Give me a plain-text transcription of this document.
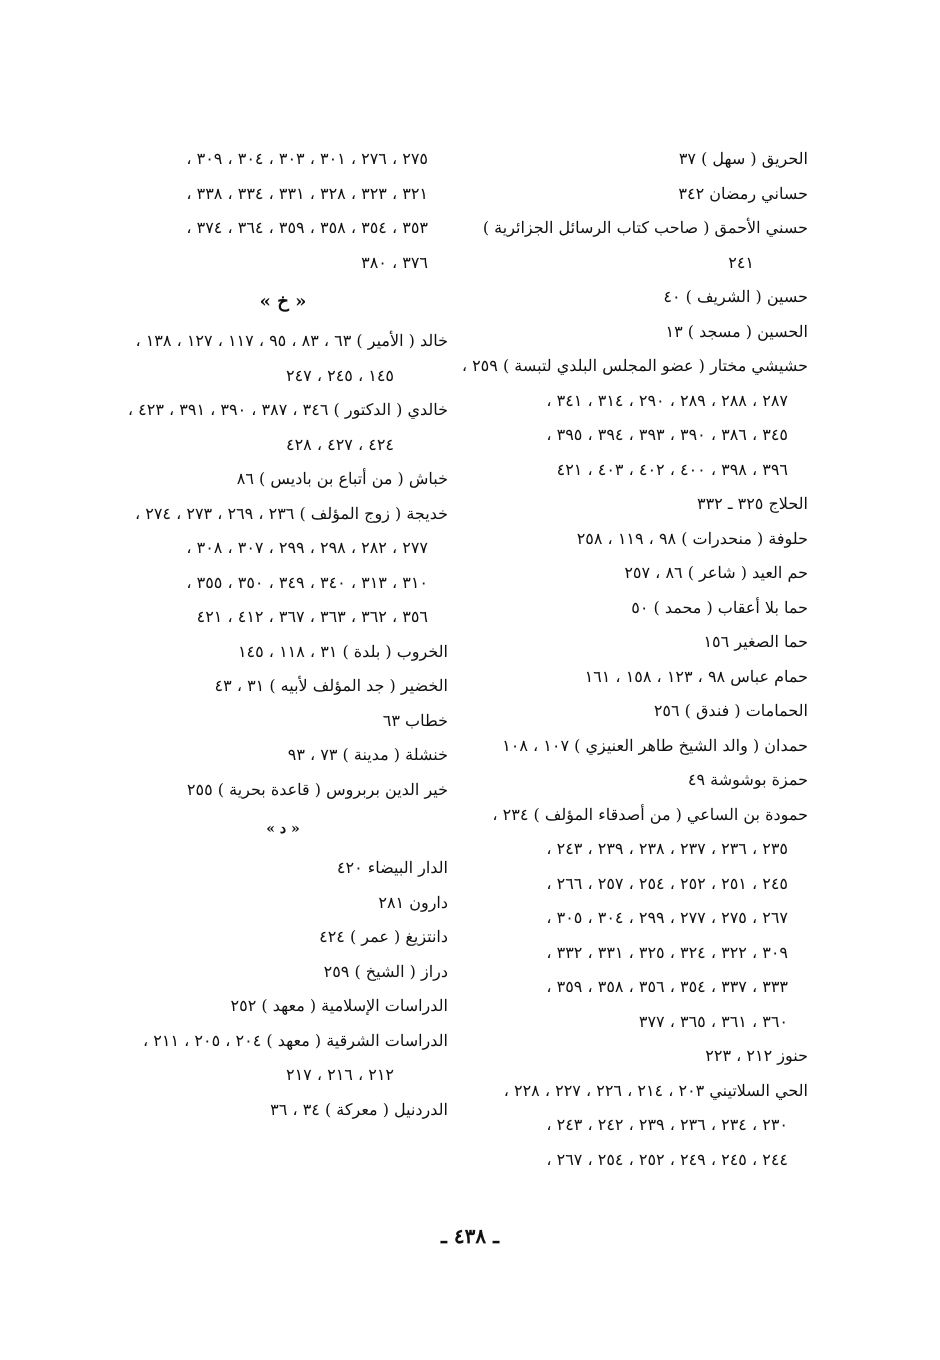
الحريق ( سهل ) ٣٧
حساني رمضان ٣٤٢
حسني الأحمق ( صاحب كتاب الرسائل الجزائرية )
٢٤١
حسين ( الشريف ) ٤٠
الحسين ( مسجد ) ١٣
حشيشي مختار ( عضو المجلس البلدي لتبسة ) ٢٥٩ ،
٢٨٧ ، ٢٨٨ ، ٢٨٩ ، ٢٩٠ ، ٣١٤ ، ٣٤١ ،
٣٤٥ ، ٣٨٦ ، ٣٩٠ ، ٣٩٣ ، ٣٩٤ ، ٣٩٥ ،
٣٩٦ ، ٣٩٨ ، ٤٠٠ ، ٤٠٢ ، ٤٠٣ ، ٤٢١
الحلاج ٣٢٥ ـ ٣٣٢
حلوفة ( منحدرات ) ٩٨ ، ١١٩ ، ٢٥٨
حم العيد ( شاعر ) ٨٦ ، ٢٥٧
حما بلا أعقاب ( محمد ) ٥٠
حما الصغير ١٥٦
حمام عباس ٩٨ ، ١٢٣ ، ١٥٨ ، ١٦١
الحمامات ( فندق ) ٢٥٦
حمدان ( والد الشيخ طاهر العنيزي ) ١٠٧ ، ١٠٨
حمزة بوشوشة ٤٩
حمودة بن الساعي ( من أصدقاء المؤلف ) ٢٣٤ ،
٢٣٥ ، ٢٣٦ ، ٢٣٧ ، ٢٣٨ ، ٢٣٩ ، ٢٤٣ ،
٢٤٥ ، ٢٥١ ، ٢٥٢ ، ٢٥٤ ، ٢٥٧ ، ٢٦٦ ،
٢٦٧ ، ٢٧٥ ، ٢٧٧ ، ٢٩٩ ، ٣٠٤ ، ٣٠٥ ،
٣٠٩ ، ٣٢٢ ، ٣٢٤ ، ٣٢٥ ، ٣٣١ ، ٣٣٢ ،
٣٣٣ ، ٣٣٧ ، ٣٥٤ ، ٣٥٦ ، ٣٥٨ ، ٣٥٩ ،
٣٦٠ ، ٣٦١ ، ٣٦٥ ، ٣٧٧
حنوز ٢١٢ ، ٢٢٣
الحي السلاتيني ٢٠٣ ، ٢١٤ ، ٢٢٦ ، ٢٢٧ ، ٢٢٨ ،
٢٣٠ ، ٢٣٤ ، ٢٣٦ ، ٢٣٩ ، ٢٤٢ ، ٢٤٣ ،
٢٤٤ ، ٢٤٥ ، ٢٤٩ ، ٢٥٢ ، ٢٥٤ ، ٢٦٧ ،
٢٧٥ ، ٢٧٦ ، ٣٠١ ، ٣٠٣ ، ٣٠٤ ، ٣٠٩ ،
٣٢١ ، ٣٢٣ ، ٣٢٨ ، ٣٣١ ، ٣٣٤ ، ٣٣٨ ،
٣٥٣ ، ٣٥٤ ، ٣٥٨ ، ٣٥٩ ، ٣٦٤ ، ٣٧٤ ،
٣٧٦ ، ٣٨٠
« خ »
خالد ( الأمير ) ٦٣ ، ٨٣ ، ٩٥ ، ١١٧ ، ١٢٧ ، ١٣٨ ،
١٤٥ ، ٢٤٥ ، ٢٤٧
خالدي ( الدكتور ) ٣٤٦ ، ٣٨٧ ، ٣٩٠ ، ٣٩١ ، ٤٢٣ ،
٤٢٤ ، ٤٢٧ ، ٤٢٨
خباش ( من أتباع بن باديس ) ٨٦
خديجة ( زوج المؤلف ) ٢٣٦ ، ٢٦٩ ، ٢٧٣ ، ٢٧٤ ،
٢٧٧ ، ٢٨٢ ، ٢٩٨ ، ٢٩٩ ، ٣٠٧ ، ٣٠٨ ،
٣١٠ ، ٣١٣ ، ٣٤٠ ، ٣٤٩ ، ٣٥٠ ، ٣٥٥ ،
٣٥٦ ، ٣٦٢ ، ٣٦٣ ، ٣٦٧ ، ٤١٢ ، ٤٢١
الخروب ( بلدة ) ٣١ ، ١١٨ ، ١٤٥
الخضير ( جد المؤلف لأبيه ) ٣١ ، ٤٣
خطاب ٦٣
خنشلة ( مدينة ) ٧٣ ، ٩٣
خير الدين بربروس ( قاعدة بحرية ) ٢٥٥
« د »
الدار البيضاء ٤٢٠
دارون ٢٨١
دانتزيغ ( عمر ) ٤٢٤
دراز ( الشيخ ) ٢٥٩
الدراسات الإسلامية ( معهد ) ٢٥٢
الدراسات الشرقية ( معهد ) ٢٠٤ ، ٢٠٥ ، ٢١١ ،
٢١٢ ، ٢١٦ ، ٢١٧
الدردنيل ( معركة ) ٣٤ ، ٣٦
ـ ٤٣٨ ـ
